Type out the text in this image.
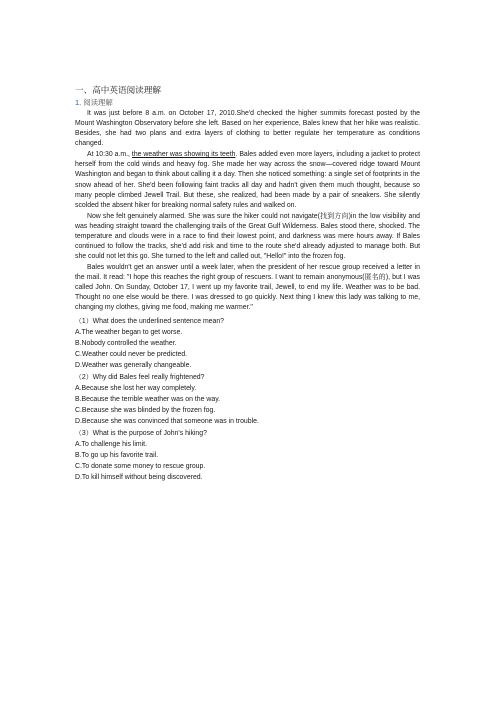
一、高中英语阅读理解
1. 阅读理解

It was just before 8 a.m. on October 17, 2010.She'd checked the higher summits forecast posted by the Mount Washington Observatory before she left. Based on her experience, Bales knew that her hike was realistic. Besides, she had two plans and extra layers of clothing to better regulate her temperature as conditions changed.

At 10:30 a.m., the weather was showing its teeth. Bales added even more layers, including a jacket to protect herself from the cold winds and heavy fog. She made her way across the snow—covered ridge toward Mount Washington and began to think about calling it a day. Then she noticed something: a single set of footprints in the snow ahead of her. She'd been following faint tracks all day and hadn't given them much thought, because so many people climbed Jewell Trail. But these, she realized, had been made by a pair of sneakers. She silently scolded the absent hiker for breaking normal safety rules and walked on.

Now she felt genuinely alarmed. She was sure the hiker could not navigate(找到方向)in the low visibility and was heading straight toward the challenging trails of the Great Gulf Wilderness. Bales stood there, shocked. The temperature and clouds were in a race to find their lowest point, and darkness was mere hours away. If Bales continued to follow the tracks, she'd add risk and time to the route she'd already adjusted to manage both. But she could not let this go. She turned to the left and called out, "Hello!" into the frozen fog.

Bales wouldn't get an answer until a week later, when the president of her rescue group received a letter in the mail. It read: "I hope this reaches the right group of rescuers. I want to remain anonymous(匿名的), but I was called John. On Sunday, October 17, I went up my favorite trail, Jewell, to end my life. Weather was to be bad. Thought no one else would be there. I was dressed to go quickly. Next thing I knew this lady was talking to me, changing my clothes, giving me food, making me warmer."

（1）What does the underlined sentence mean?
A.The weather began to get worse.
B.Nobody controlled the weather.
C.Weather could never be predicted.
D.Weather was generally changeable.
（2）Why did Bales feel really frightened?
A.Because she lost her way completely.
B.Because the terrible weather was on the way.
C.Because she was blinded by the frozen fog.
D.Because she was convinced that someone was in trouble.
（3）What is the purpose of John's hiking?
A.To challenge his limit.
B.To go up his favorite trail.
C.To donate some money to rescue group.
D.To kill himself without being discovered.
